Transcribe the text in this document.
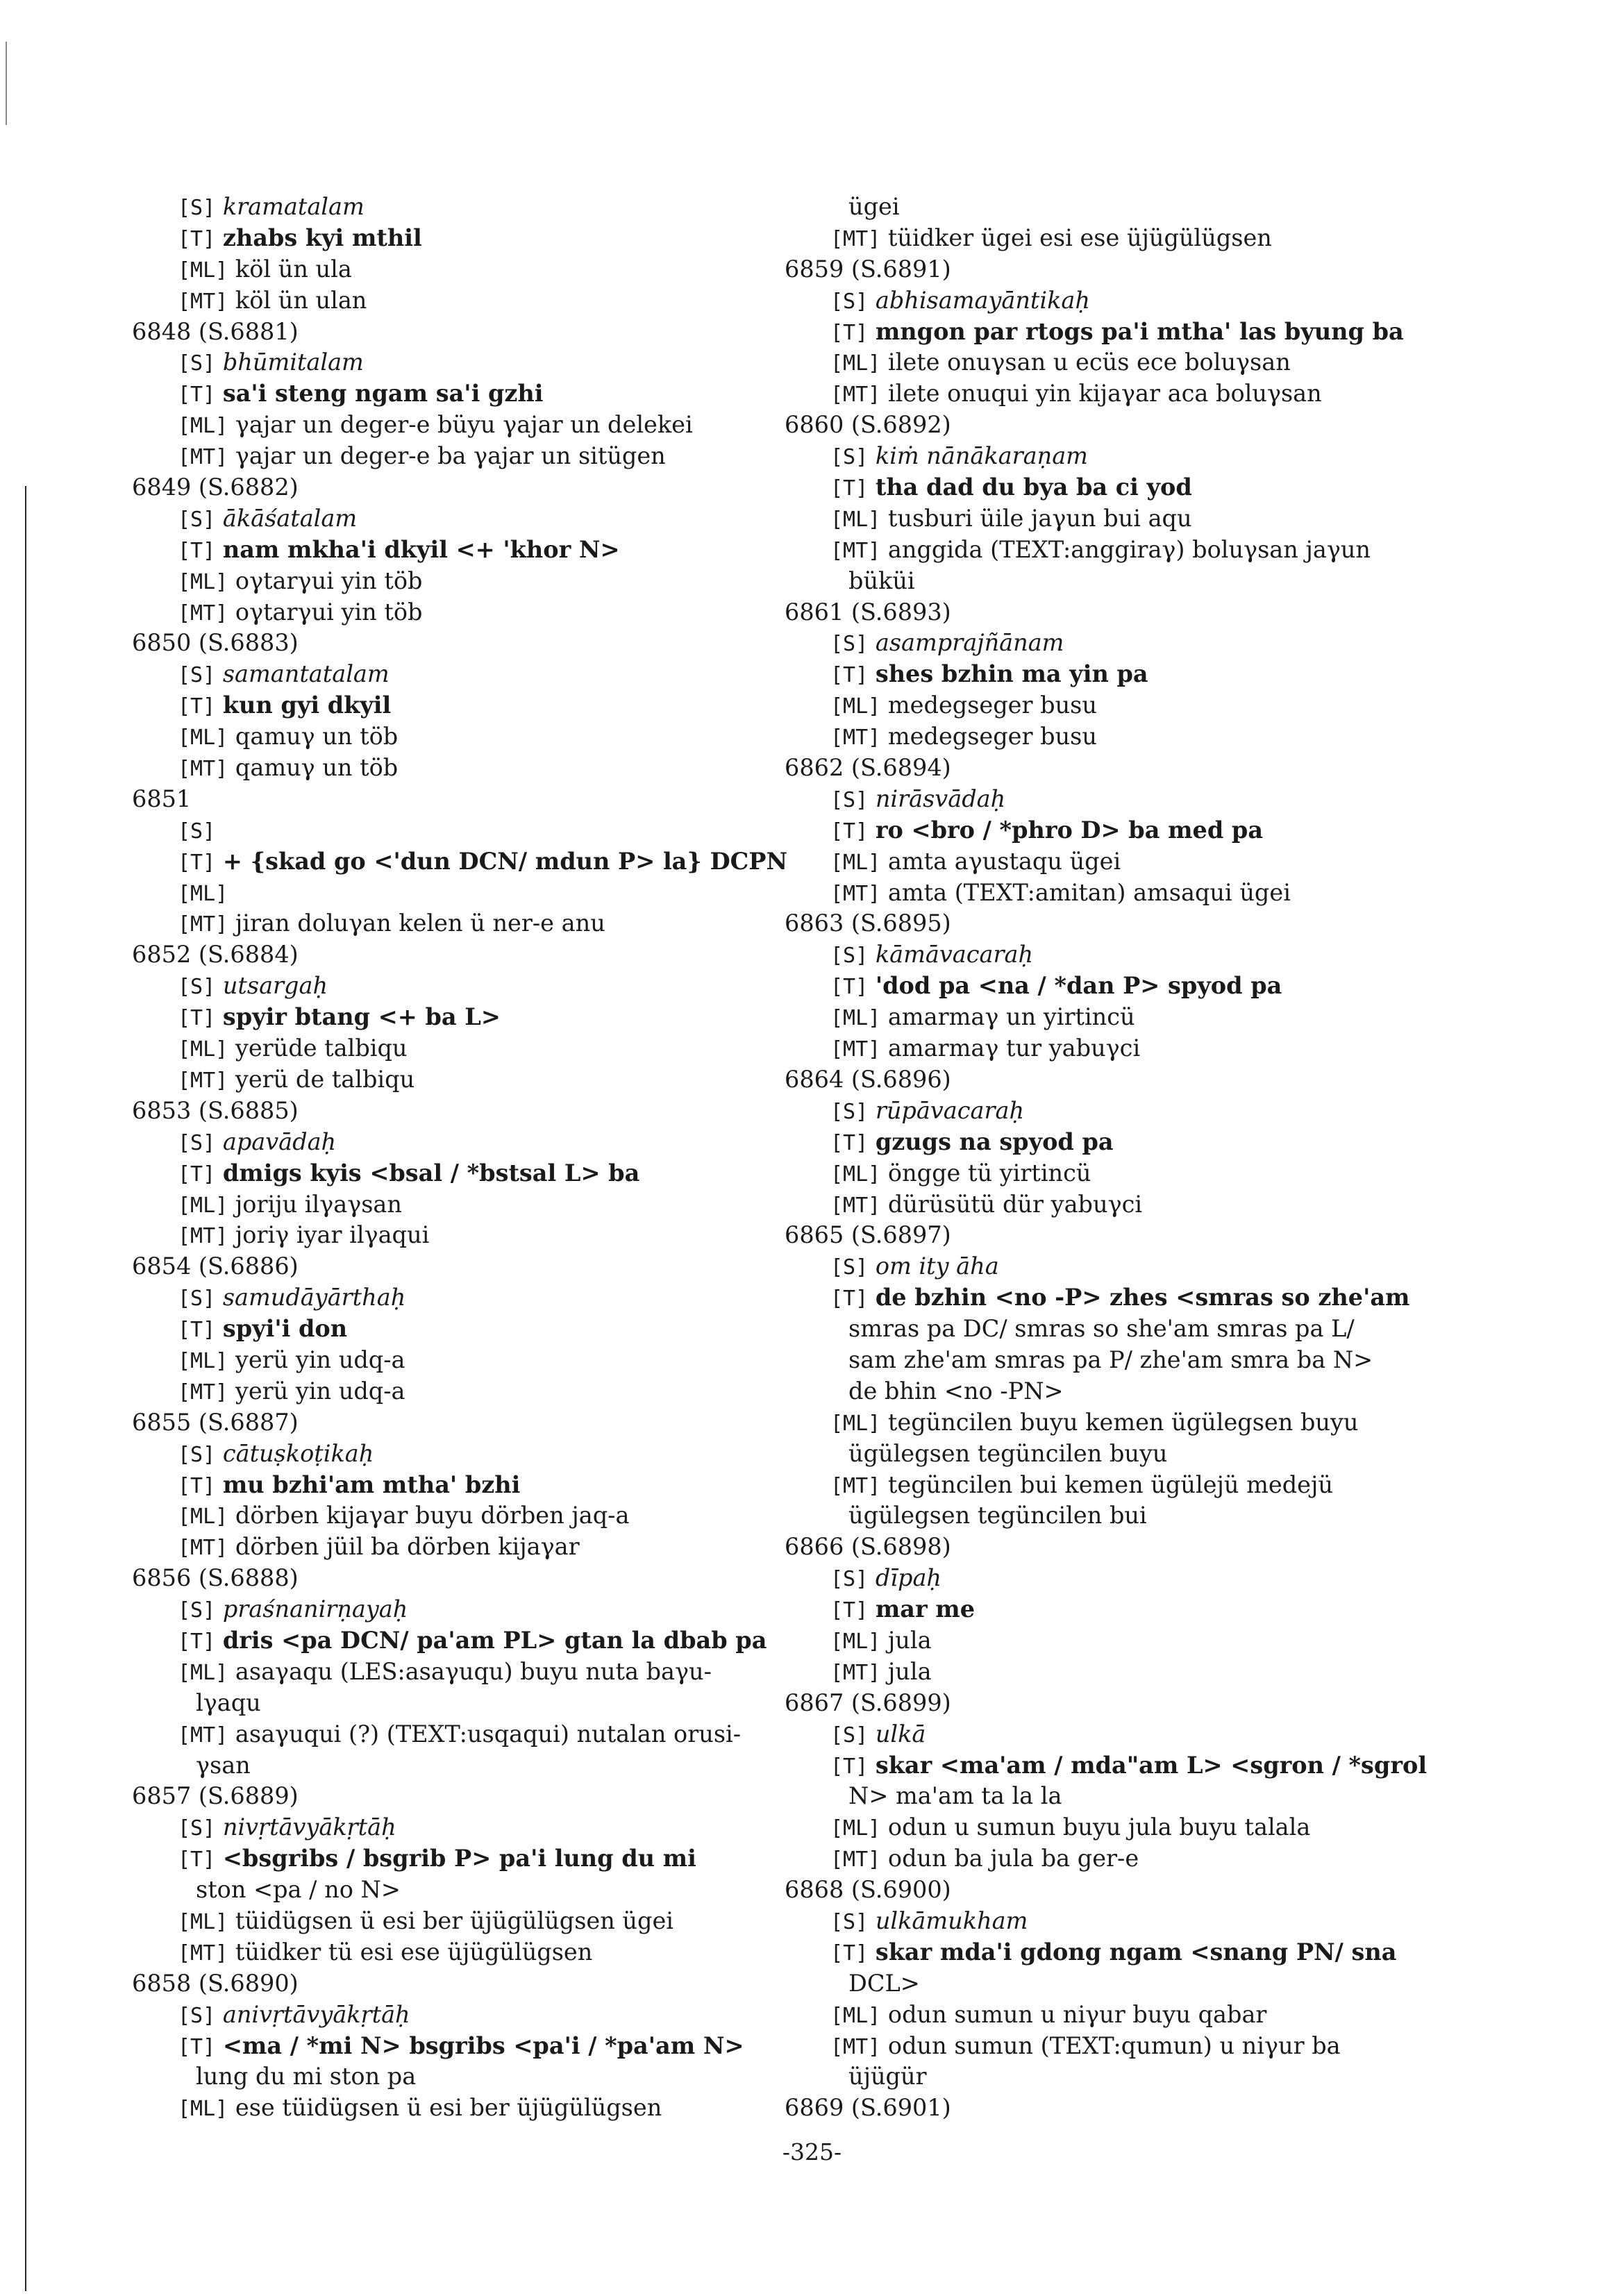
[S] kramatalam
[T] zhabs kyi mthil
[ML] köl ün ula
[MT] köl ün ulan
6848 (S.6881)
[S] bhūmitalam
[T] sa'i steng ngam sa'i gzhi
[ML] γajar un deger-e büyu γajar un delekei
[MT] γajar un deger-e ba γajar un sitügen
6849 (S.6882)
[S] ākāśatalam
[T] nam mkha'i dkyil <+ 'khor N>
[ML] oγtarγui yin töb
[MT] oγtarγui yin töb
6850 (S.6883)
[S] samantatalam
[T] kun gyi dkyil
[ML] qamuγ un töb
[MT] qamuγ un töb
6851
[S]
[T] + {skad go <'dun DCN/ mdun P> la} DCPN
[ML]
[MT] jiran doluγan kelen ü ner-e anu
6852 (S.6884)
[S] utsargaḥ
[T] spyir btang <+ ba L>
[ML] yerüde talbiqu
[MT] yerü de talbiqu
6853 (S.6885)
[S] apavādaḥ
[T] dmigs kyis <bsal / *bstsal L> ba
[ML] joriju ilγaγsan
[MT] joriγ iyar ilγaqui
6854 (S.6886)
[S] samudāyārthaḥ
[T] spyi'i don
[ML] yerü yin udq-a
[MT] yerü yin udq-a
6855 (S.6887)
[S] cātuṣkoṭikaḥ
[T] mu bzhi'am mtha' bzhi
[ML] dörben kijaγar buyu dörben jaq-a
[MT] dörben jüil ba dörben kijaγar
6856 (S.6888)
[S] praśnanirṇayaḥ
[T] dris <pa DCN/ pa'am PL> gtan la dbab pa
[ML] asaγaqu (LES:asaγuqu) buyu nuta baγu-
lγaqu
[MT] asaγuqui (?) (TEXT:usqaqui) nutalan orusi-
γsan
6857 (S.6889)
[S] nivṛtāvyākṛtāḥ
[T] <bsgribs / bsgrib P> pa'i lung du mi
ston <pa / no N>
[ML] tüidügsen ü esi ber üjügülügsen ügei
[MT] tüidker tü esi ese üjügülügsen
6858 (S.6890)
[S] anivṛtāvyākṛtāḥ
[T] <ma / *mi N> bsgribs <pa'i / *pa'am N>
lung du mi ston pa
[ML] ese tüidügsen ü esi ber üjügülügsen
ügei
[MT] tüidker ügei esi ese üjügülügsen
6859 (S.6891)
[S] abhisamayāntikaḥ
[T] mngon par rtogs pa'i mtha' las byung ba
[ML] ilete onuγsan u ecüs ece boluγsan
[MT] ilete onuqui yin kijaγar aca boluγsan
6860 (S.6892)
[S] kiṁ nānākaraṇam
[T] tha dad du bya ba ci yod
[ML] tusburi üile jaγun bui aqu
[MT] anggida (TEXT:anggiraγ) boluγsan jaγun
büküi
6861 (S.6893)
[S] asamprajñānam
[T] shes bzhin ma yin pa
[ML] medegseger busu
[MT] medegseger busu
6862 (S.6894)
[S] nirāsvādaḥ
[T] ro <bro / *phro D> ba med pa
[ML] amta aγustaqu ügei
[MT] amta (TEXT:amitan) amsaqui ügei
6863 (S.6895)
[S] kāmāvacaraḥ
[T] 'dod pa <na / *dan P> spyod pa
[ML] amarmaγ un yirtincü
[MT] amarmaγ tur yabuγci
6864 (S.6896)
[S] rūpāvacaraḥ
[T] gzugs na spyod pa
[ML] öngge tü yirtincü
[MT] dürüsütü dür yabuγci
6865 (S.6897)
[S] om ity āha
[T] de bzhin <no -P> zhes <smras so zhe'am
smras pa DC/ smras so she'am smras pa L/
sam zhe'am smras pa P/ zhe'am smra ba N>
de bhin <no -PN>
[ML] tegüncilen buyu kemen ügülegsen buyu
ügülegsen tegüncilen buyu
[MT] tegüncilen bui kemen ügülejü medejü
ügülegsen tegüncilen bui
6866 (S.6898)
[S] dīpaḥ
[T] mar me
[ML] jula
[MT] jula
6867 (S.6899)
[S] ulkā
[T] skar <ma'am / mda"am L> <sgron / *sgrol
N> ma'am ta la la
[ML] odun u sumun buyu jula buyu talala
[MT] odun ba jula ba ger-e
6868 (S.6900)
[S] ulkāmukham
[T] skar mda'i gdong ngam <snang PN/ sna
DCL>
[ML] odun sumun u niγur buyu qabar
[MT] odun sumun (TEXT:qumun) u niγur ba
üjügür
6869 (S.6901)
-325-
